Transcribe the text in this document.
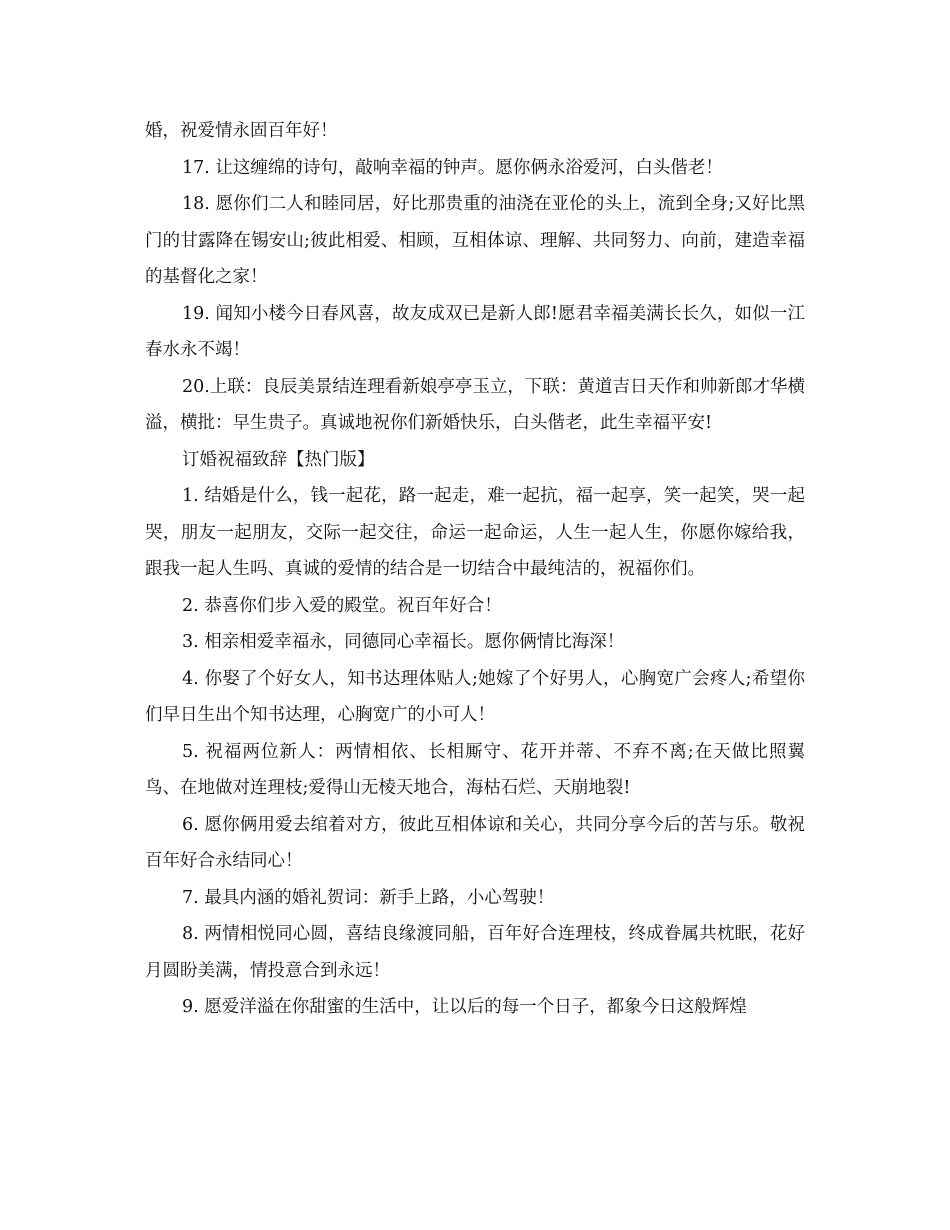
婚，祝爱情永固百年好！

17. 让这缠绵的诗句，敲响幸福的钟声。愿你俩永浴爱河，白头偕老！

18. 愿你们二人和睦同居，好比那贵重的油浇在亚伦的头上，流到全身;又好比黑门的甘露降在锡安山;彼此相爱、相顾，互相体谅、理解、共同努力、向前，建造幸福的基督化之家！

19. 闻知小楼今日春风喜，故友成双已是新人郎!愿君幸福美满长长久，如似一江春水永不竭！

20.上联：良辰美景结连理看新娘亭亭玉立，下联：黄道吉日天作和帅新郎才华横溢，横批：早生贵子。真诚地祝你们新婚快乐，白头偕老，此生幸福平安!

订婚祝福致辞【热门版】

1. 结婚是什么，钱一起花，路一起走，难一起抗，福一起享，笑一起笑，哭一起哭，朋友一起朋友，交际一起交往，命运一起命运，人生一起人生，你愿你嫁给我，跟我一起人生吗、真诚的爱情的结合是一切结合中最纯洁的，祝福你们。

2. 恭喜你们步入爱的殿堂。祝百年好合！

3. 相亲相爱幸福永，同德同心幸福长。愿你俩情比海深！

4. 你娶了个好女人，知书达理体贴人;她嫁了个好男人，心胸宽广会疼人;希望你们早日生出个知书达理，心胸宽广的小可人！

5. 祝福两位新人：两情相依、长相厮守、花开并蒂、不弃不离;在天做比照翼鸟、在地做对连理枝;爱得山无棱天地合，海枯石烂、天崩地裂!

6. 愿你俩用爱去绾着对方，彼此互相体谅和关心，共同分享今后的苦与乐。敬祝百年好合永结同心！

7. 最具内涵的婚礼贺词：新手上路，小心驾驶！

8. 两情相悦同心圆，喜结良缘渡同船，百年好合连理枝，终成眷属共枕眠，花好月圆盼美满，情投意合到永远！

9. 愿爱洋溢在你甜蜜的生活中，让以后的每一个日子，都象今日这般辉煌
